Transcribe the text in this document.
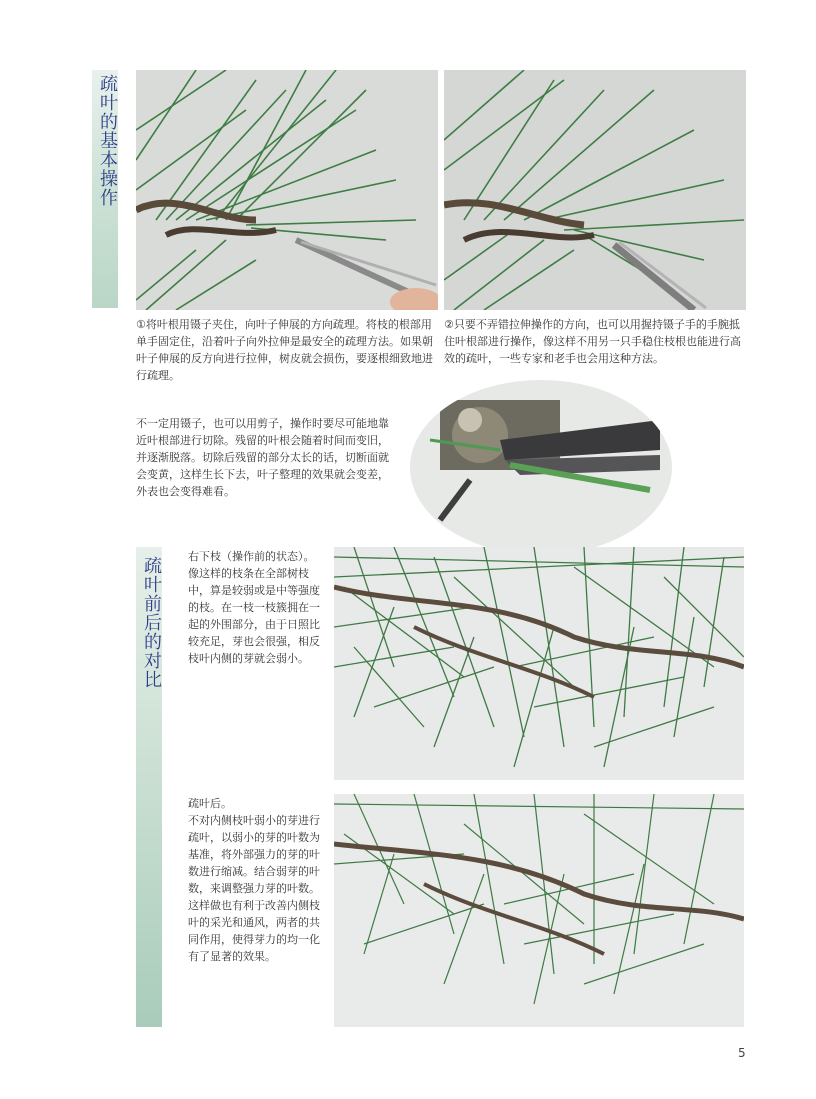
疏叶的基本操作
①将叶根用镊子夹住，向叶子伸展的方向疏理。将枝的根部用单手固定住，沿着叶子向外拉伸是最安全的疏理方法。如果朝叶子伸展的反方向进行拉伸，树皮就会损伤，要逐根细致地进行疏理。
②只要不弄错拉伸操作的方向，也可以用握持镊子手的手腕抵住叶根部进行操作，像这样不用另一只手稳住枝根也能进行高效的疏叶，一些专家和老手也会用这种方法。
不一定用镊子，也可以用剪子，操作时要尽可能地靠近叶根部进行切除。残留的叶根会随着时间而变旧，并逐渐脱落。切除后残留的部分太长的话，切断面就会变黄，这样生长下去，叶子整理的效果就会变差，外表也会变得难看。
疏叶前后的对比 右下枝（操作前的状态）。
像这样的枝条在全部树枝中，算是较弱或是中等强度的枝。在一枝一枝簇拥在一起的外围部分，由于日照比较充足，芽也会很强，相反枝叶内侧的芽就会弱小。
疏叶后。
不对内侧枝叶弱小的芽进行疏叶，以弱小的芽的叶数为基准，将外部强力的芽的叶数进行缩减。结合弱芽的叶数，来调整强力芽的叶数。这样做也有利于改善内侧枝叶的采光和通风，两者的共同作用，使得芽力的均一化有了显著的效果。
5
